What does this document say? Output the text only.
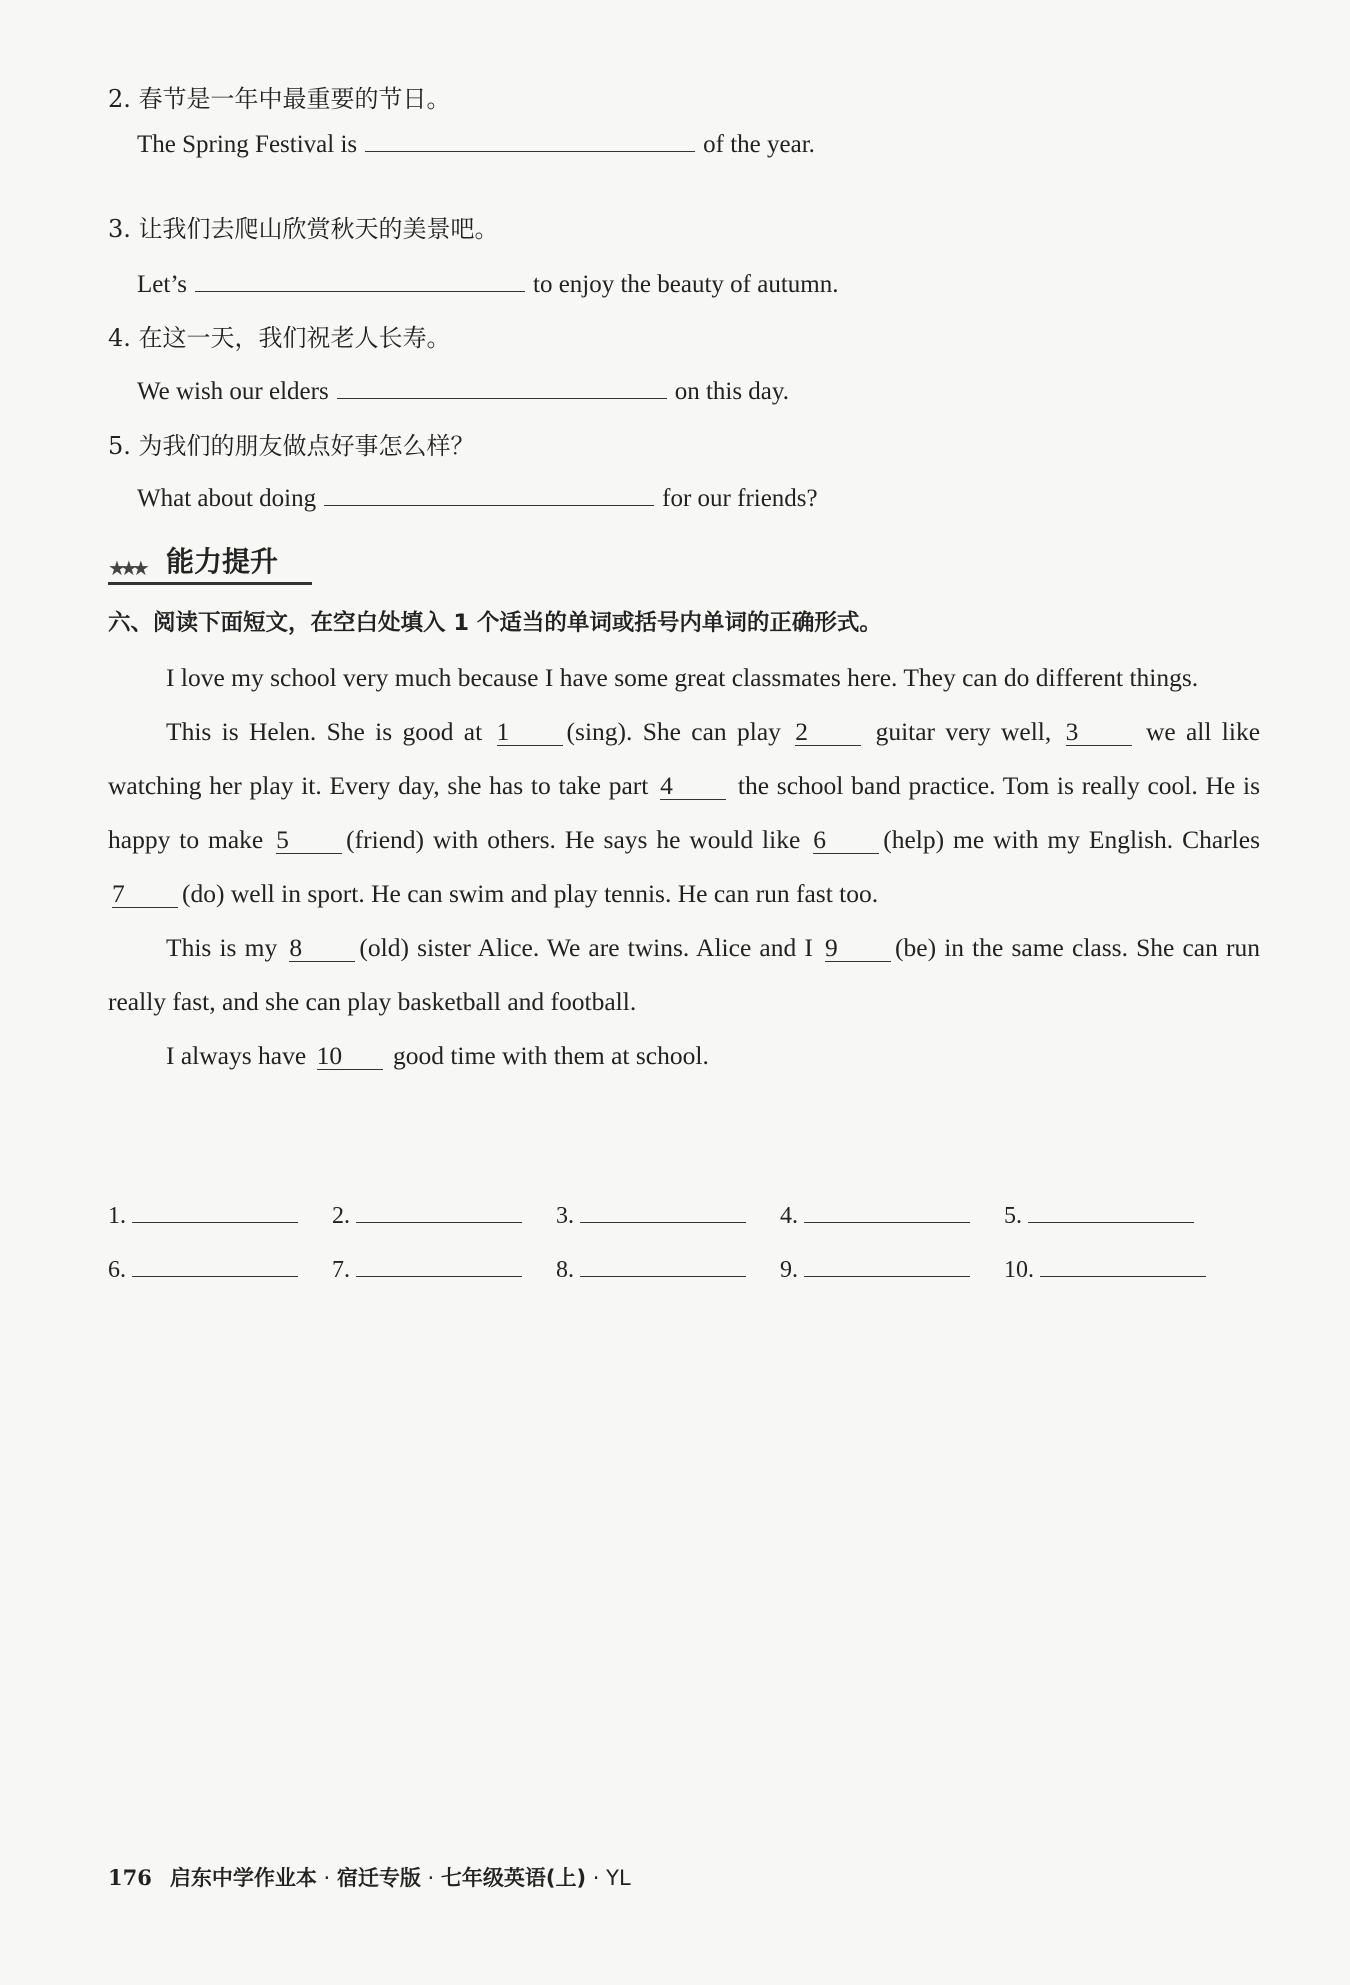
2. 春节是一年中最重要的节日。
The Spring Festival is	of the year.
3. 让我们去爬山欣赏秋天的美景吧。
Let’s	to enjoy the beauty of autumn.
4. 在这一天，我们祝老人长寿。
We wish our elders	on this day.
5. 为我们的朋友做点好事怎么样？
What about doing	for our friends?
★★★ 能力提升
六、阅读下面短文，在空白处填入 1 个适当的单词或括号内单词的正确形式。

I love my school very much because I have some great classmates here. They can do different things.

This is Helen. She is good at 1 (sing). She can play 2	guitar very well, 3	we all like watching her play it. Every day, she has to take part 4	the school band practice. Tom is really cool. He is happy to make 5 (friend) with others. He says he would like 6 (help) me with my English. Charles 7 (do) well in sport. He can swim and play tennis. He can run fast too.

This is my 8 (old) sister Alice. We are twins. Alice and I 9 (be) in the same class. She can run really fast, and she can play basketball and football.

I always have 10 good time with them at school.

1.	2.	3.	4.	5.
6.	7.	8.	9.	10.
176 启东中学作业本 · 宿迁专版 · 七年级英语(上) · YL
